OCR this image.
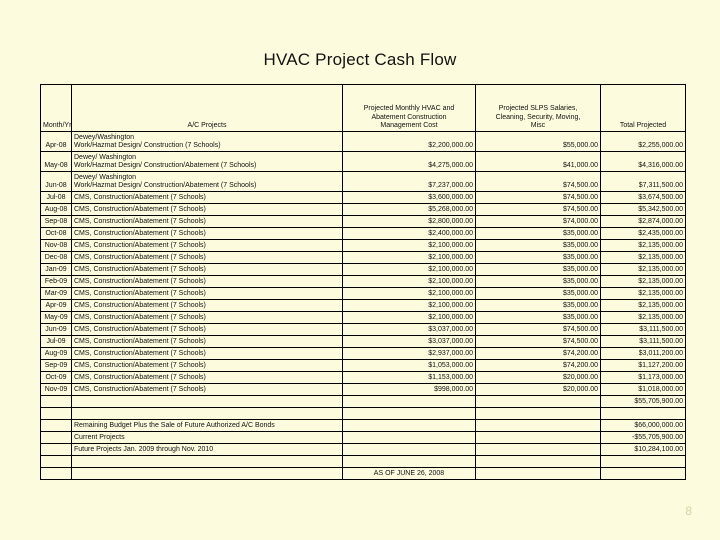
HVAC Project Cash Flow
Month/Yr	A/C Projects	Projected Monthly HVAC and
Abatement Construction
Management Cost	Projected SLPS Salaries,
Cleaning, Security, Moving,
Misc	Total Projected
Apr-08	Dewey/Washington
Work/Hazmat Design/ Construction (7 Schools)	$2,200,000.00	$55,000.00	$2,255,000.00
May-08	Dewey/ Washington
Work/Hazmat Design/ Construction/Abatement (7 Schools)	$4,275,000.00	$41,000.00	$4,316,000.00
Jun-08	Dewey/ Washington
Work/Hazmat Design/ Construction/Abatement (7 Schools)	$7,237,000.00	$74,500.00	$7,311,500.00
Jul-08	CMS, Construction/Abatement (7 Schools)	$3,600,000.00	$74,500.00	$3,674,500.00
Aug-08	CMS, Construction/Abatement (7 Schools)	$5,268,000.00	$74,500.00	$5,342,500.00
Sep-08	CMS, Construction/Abatement (7 Schools)	$2,800,000.00	$74,000.00	$2,874,000.00
Oct-08	CMS, Construction/Abatement (7 Schools)	$2,400,000.00	$35,000.00	$2,435,000.00
Nov-08	CMS, Construction/Abatement (7 Schools)	$2,100,000.00	$35,000.00	$2,135,000.00
Dec-08	CMS, Construction/Abatement (7 Schools)	$2,100,000.00	$35,000.00	$2,135,000.00
Jan-09	CMS, Construction/Abatement (7 Schools)	$2,100,000.00	$35,000.00	$2,135,000.00
Feb-09	CMS, Construction/Abatement (7 Schools)	$2,100,000.00	$35,000.00	$2,135,000.00
Mar-09	CMS, Construction/Abatement (7 Schools)	$2,100,000.00	$35,000.00	$2,135,000.00
Apr-09	CMS, Construction/Abatement (7 Schools)	$2,100,000.00	$35,000.00	$2,135,000.00
May-09	CMS, Construction/Abatement (7 Schools)	$2,100,000.00	$35,000.00	$2,135,000.00
Jun-09	CMS, Construction/Abatement (7 Schools)	$3,037,000.00	$74,500.00	$3,111,500.00
Jul-09	CMS, Construction/Abatement (7 Schools)	$3,037,000.00	$74,500.00	$3,111,500.00
Aug-09	CMS, Construction/Abatement (7 Schools)	$2,937,000.00	$74,200.00	$3,011,200.00
Sep-09	CMS, Construction/Abatement (7 Schools)	$1,053,000.00	$74,200.00	$1,127,200.00
Oct-09	CMS, Construction/Abatement (7 Schools)	$1,153,000.00	$20,000.00	$1,173,000.00
Nov-09	CMS, Construction/Abatement (7 Schools)	$998,000.00	$20,000.00	$1,018,000.00
				$55,705,900.00

	Remaining Budget Plus the Sale of Future Authorized A/C Bonds			$66,000,000.00
	Current Projects			-$55,705,900.00
	Future Projects Jan. 2009 through Nov. 2010			$10,284,100.00

		AS OF JUNE 26, 2008		
8
